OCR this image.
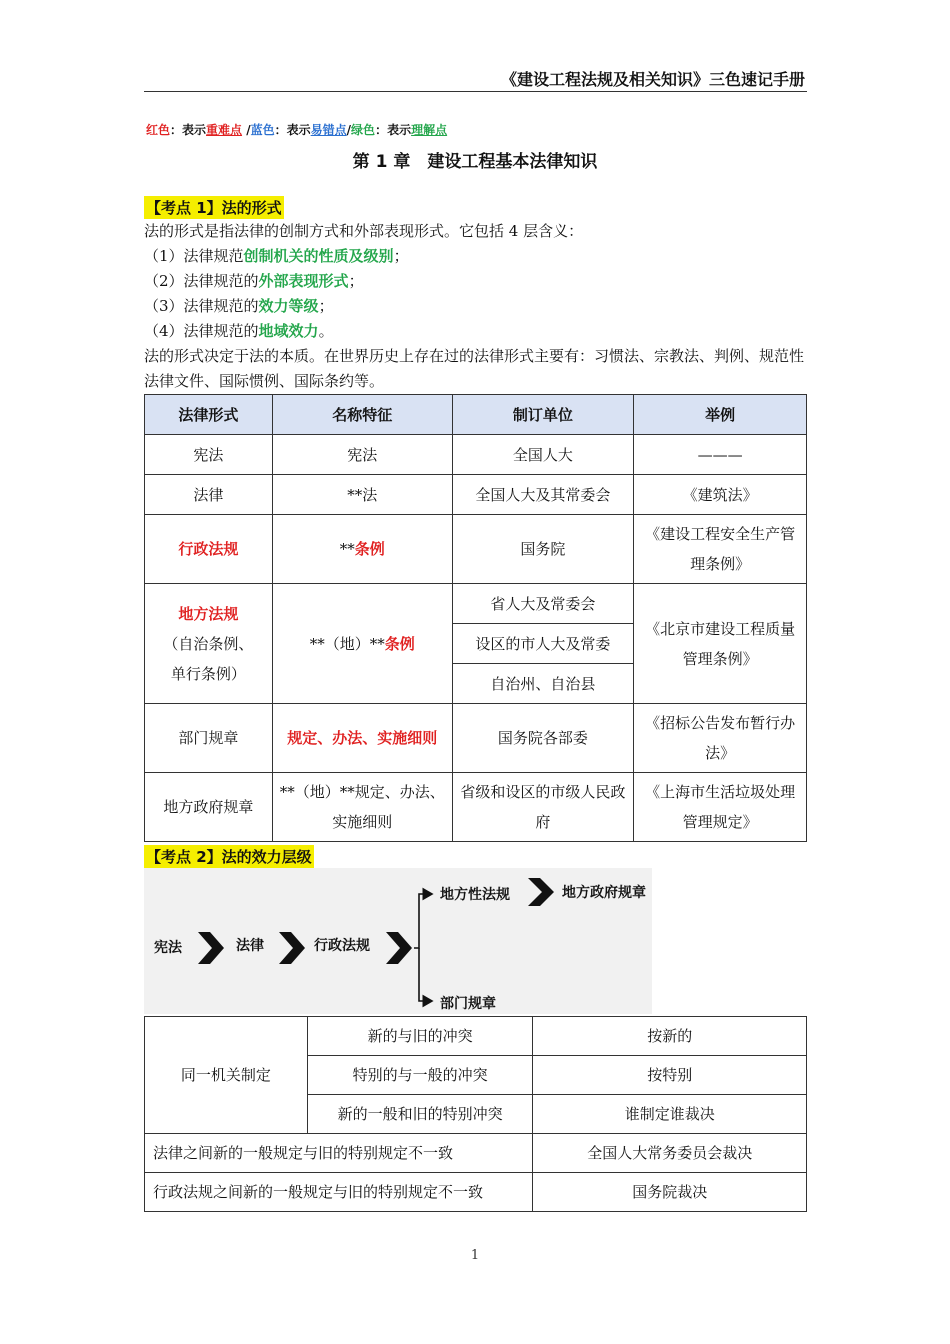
《建设工程法规及相关知识》三色速记手册
红色：表示重难点 /蓝色：表示易错点/绿色：表示理解点
第 1 章　建设工程基本法律知识
【考点 1】法的形式

法的形式是指法律的创制方式和外部表现形式。它包括 4 层含义：

（1）法律规范创制机关的性质及级别；

（2）法律规范的外部表现形式；

（3）法律规范的效力等级；

（4）法律规范的地域效力。

法的形式决定于法的本质。在世界历史上存在过的法律形式主要有：习惯法、宗教法、判例、规范性法律文件、国际惯例、国际条约等。

法律形式	名称特征	制订单位	举例
宪法	宪法	全国人大	———
法律	**法	全国人大及其常委会	《建筑法》
行政法规	**条例	国务院	《建设工程安全生产管理条例》

地方法规
（自治条例、单行条例）	**（地）**条例	省人大及常委会	《北京市建设工程质量管理条例》
		设区的市人大及常委	
		自治州、自治县	
部门规章	规定、办法、实施细则	国务院各部委	《招标公告发布暂行办法》
地方政府规章	**（地）**规定、办法、实施细则	省级和设区的市级人民政府	《上海市生活垃圾处理管理规定》
【考点 2】法的效力层级
宪法	法律	行政法规
地方性法规	地方政府规章
部门规章
同一机关制定	新的与旧的冲突	按新的
	特别的与一般的冲突	按特别
	新的一般和旧的特别冲突	谁制定谁裁决
法律之间新的一般规定与旧的特别规定不一致		全国人大常务委员会裁决
行政法规之间新的一般规定与旧的特别规定不一致		国务院裁决
1
